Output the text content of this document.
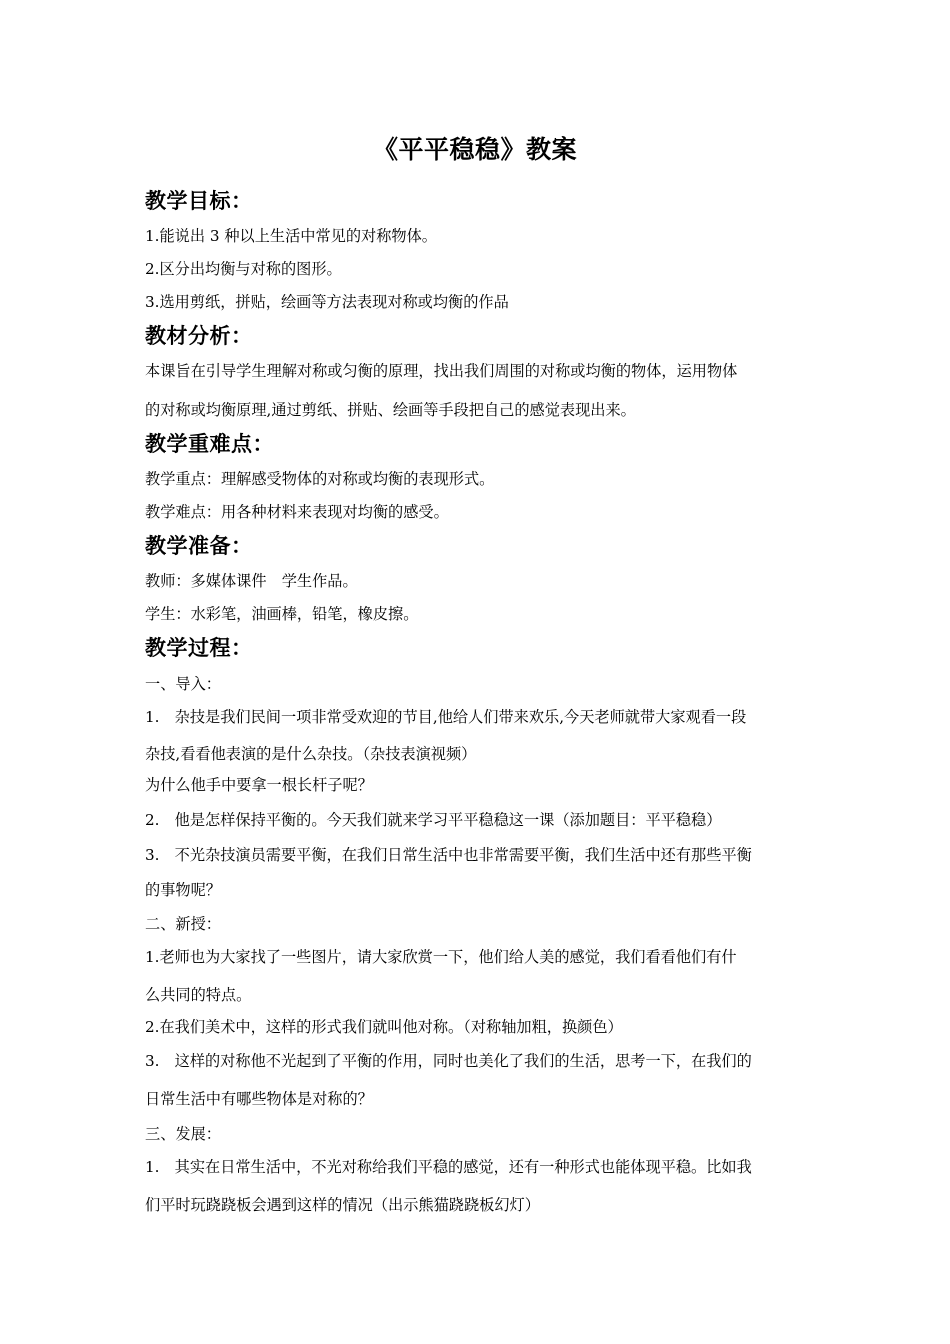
《平平稳稳》教案
教学目标：
1.能说出 3 种以上生活中常见的对称物体。
2.区分出均衡与对称的图形。
3.选用剪纸，拼贴，绘画等方法表现对称或均衡的作品
教材分析：
本课旨在引导学生理解对称或匀衡的原理，找出我们周围的对称或均衡的物体，运用物体
的对称或均衡原理,通过剪纸、拼贴、绘画等手段把自己的感觉表现出来。
教学重难点：
教学重点：理解感受物体的对称或均衡的表现形式。
教学难点：用各种材料来表现对均衡的感受。
教学准备：
教师：多媒体课件　学生作品。
学生：水彩笔，油画棒，铅笔，橡皮擦。
教学过程：
一、导入：
1.　杂技是我们民间一项非常受欢迎的节目,他给人们带来欢乐,今天老师就带大家观看一段
杂技,看看他表演的是什么杂技。（杂技表演视频）
为什么他手中要拿一根长杆子呢？
2.　他是怎样保持平衡的。今天我们就来学习平平稳稳这一课（添加题目：平平稳稳）
3.　不光杂技演员需要平衡，在我们日常生活中也非常需要平衡，我们生活中还有那些平衡
的事物呢？
二、新授：
1.老师也为大家找了一些图片，请大家欣赏一下，他们给人美的感觉，我们看看他们有什
么共同的特点。
2.在我们美术中，这样的形式我们就叫他对称。（对称轴加粗，换颜色）
3.　这样的对称他不光起到了平衡的作用，同时也美化了我们的生活，思考一下，在我们的
日常生活中有哪些物体是对称的？
三、发展：
1.　其实在日常生活中，不光对称给我们平稳的感觉，还有一种形式也能体现平稳。比如我
们平时玩跷跷板会遇到这样的情况（出示熊猫跷跷板幻灯）
